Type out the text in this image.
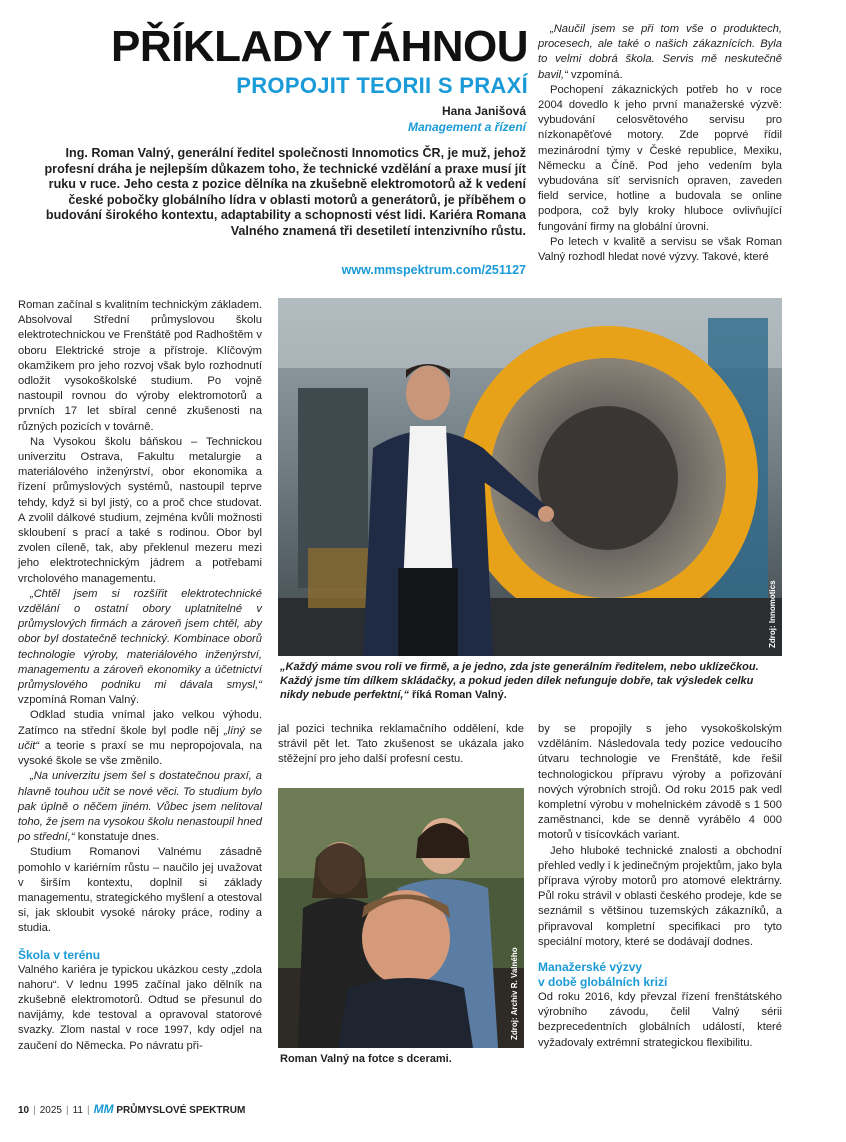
PŘÍKLADY TÁHNOU
PROPOJIT TEORII S PRAXÍ
Hana Janišová
Management a řízení
Ing. Roman Valný, generální ředitel společnosti Innomotics ČR, je muž, jehož profesní dráha je nejlepším důkazem toho, že technické vzdělání a praxe musí jít ruku v ruce. Jeho cesta z pozice dělníka na zkušebně elektromotorů až k vedení české pobočky globálního lídra v oblasti motorů a generátorů, je příběhem o budování širokého kontextu, adaptability a schopnosti vést lidi. Kariéra Romana Valného znamená tři desetiletí intenzivního růstu.
www.mmspektrum.com/251127

„Naučil jsem se při tom vše o produktech, procesech, ale také o našich zákaznících. Byla to velmi dobrá škola. Servis mě neskutečně bavil,“ vzpomíná.

Pochopení zákaznických potřeb ho v roce 2004 dovedlo k jeho první manažerské výzvě: vybudování celosvětového servisu pro nízkonapěťové motory. Zde poprvé řídil mezinárodní týmy v České republice, Mexiku, Německu a Číně. Pod jeho vedením byla vybudována síť servisních opraven, zaveden field service, hotline a budovala se online podpora, což byly kroky hluboce ovlivňující fungování firmy na globální úrovni.

Po letech v kvalitě a servisu se však Roman Valný rozhodl hledat nové výzvy. Takové, které

Roman začínal s kvalitním technickým základem. Absolvoval Střední průmyslovou školu elektrotechnickou ve Frenštátě pod Radhoštěm v oboru Elektrické stroje a přístroje. Klíčovým okamžikem pro jeho rozvoj však bylo rozhodnutí odložit vysokoškolské studium. Po vojně nastoupil rovnou do výroby elektromotorů a prvních 17 let sbíral cenné zkušenosti na různých pozicích v továrně.

Na Vysokou školu báňskou – Technickou univerzitu Ostrava, Fakultu metalurgie a materiálového inženýrství, obor ekonomika a řízení průmyslových systémů, nastoupil teprve tehdy, když si byl jistý, co a proč chce studovat. A zvolil dálkové studium, zejména kvůli možnosti skloubení s prací a také s rodinou. Obor byl zvolen cíleně, tak, aby překlenul mezeru mezi jeho elektrotechnickým jádrem a potřebami vrcholového managementu.

„Chtěl jsem si rozšířit elektrotechnické vzdělání o ostatní obory uplatnitelné v průmyslových firmách a zároveň jsem chtěl, aby obor byl dostatečně technický. Kombinace oborů technologie výroby, materiálového inženýrství, managementu a zároveň ekonomiky a účetnictví průmyslového podniku mi dávala smysl,“ vzpomíná Roman Valný.

Odklad studia vnímal jako velkou výhodu. Zatímco na střední škole byl podle něj „líný se učit“ a teorie s praxí se mu nepropojovala, na vysoké škole se vše změnilo.

„Na univerzitu jsem šel s dostatečnou praxí, a hlavně touhou učit se nové věci. To studium bylo pak úplně o něčem jiném. Vůbec jsem nelitoval toho, že jsem na vysokou školu nenastoupil hned po střední,“ konstatuje dnes.

Studium Romanovi Valnému zásadně pomohlo v kariérním růstu – naučilo jej uvažovat v širším kontextu, doplnil si základy managementu, strategického myšlení a otestoval si, jak skloubit vysoké nároky práce, rodiny a studia.

Škola v terénu

Valného kariéra je typickou ukázkou cesty „zdola nahoru“. V lednu 1995 začínal jako dělník na zkušebně elektromotorů. Odtud se přesunul do navijámy, kde testoval a opravoval statorové svazky. Zlom nastal v roce 1997, kdy odjel na zaučení do Německa. Po návratu při-

Zdroj: Innomotics
„Každý máme svou roli ve firmě, a je jedno, zda jste generálním ředitelem, nebo uklízečkou. Každý jsme tím dílkem skládačky, a pokud jeden dílek nefunguje dobře, tak výsledek celku nikdy nebude perfektní,“ říká Roman Valný.

jal pozici technika reklamačního oddělení, kde strávil pět let. Tato zkušenost se ukázala jako stěžejní pro jeho další profesní cestu.

Zdroj: Archiv R. Valného
Roman Valný na fotce s dcerami.

by se propojily s jeho vysokoškolským vzděláním. Následovala tedy pozice vedoucího útvaru technologie ve Frenštátě, kde řešil technologickou přípravu výroby a pořizování nových výrobních strojů. Od roku 2015 pak vedl kompletní výrobu v mohelnickém závodě s 1 500 zaměstnanci, kde se denně vyrábělo 4 000 motorů v tisícovkách variant.

Jeho hluboké technické znalosti a obchodní přehled vedly i k jedinečným projektům, jako byla příprava výroby motorů pro atomové elektrárny. Půl roku strávil v oblasti českého prodeje, kde se seznámil s většinou tuzemských zákazníků, a připravoval kompletní specifikaci pro tyto speciální motory, které se dodávají dodnes.

Manažerské výzvy
v době globálních krizí

Od roku 2016, kdy převzal řízení frenštátského výrobního závodu, čelil Valný sérii bezprecedentních globálních událostí, které vyžadovaly extrémní strategickou flexibilitu.

10 | 2025 | 11 | MM PRŮMYSLOVÉ SPEKTRUM
